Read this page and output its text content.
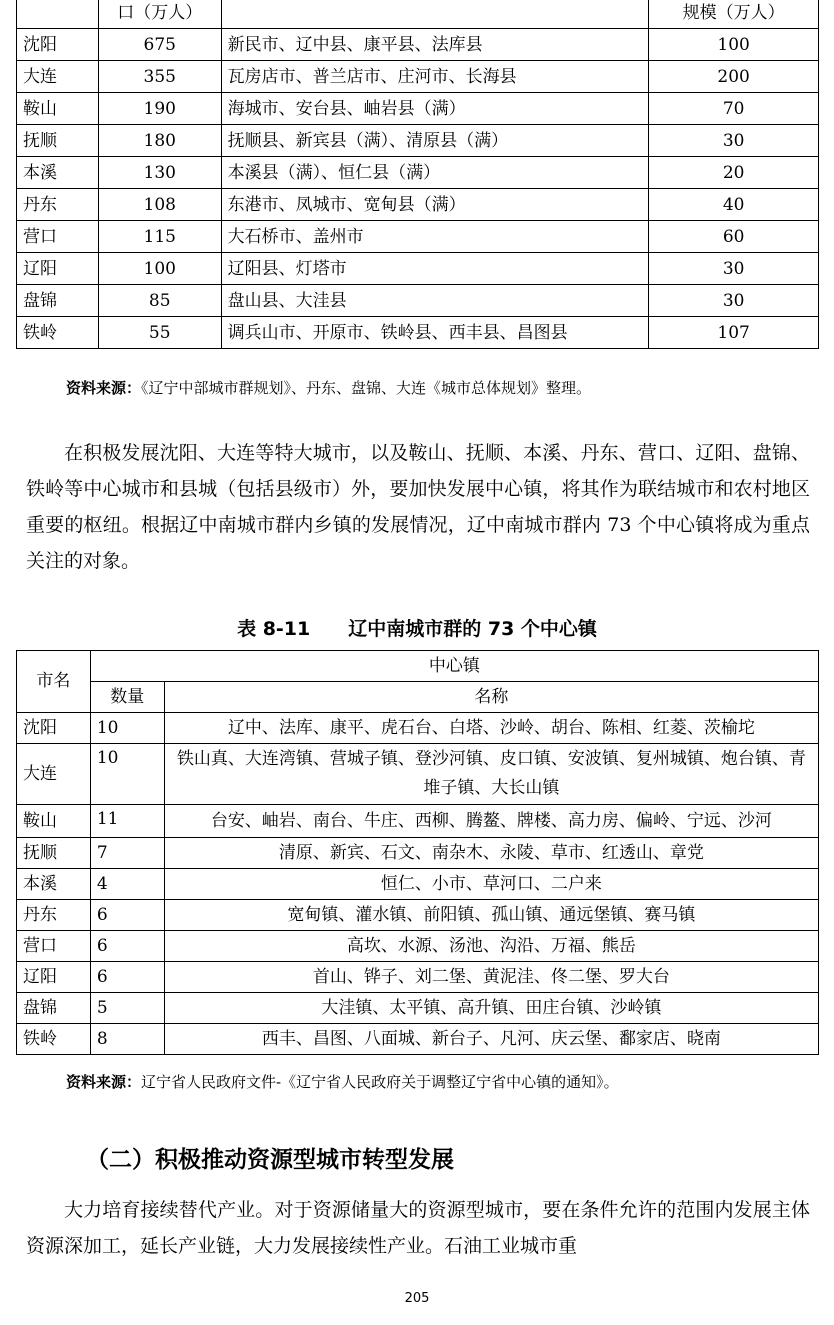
	口（万人）		规模（万人）
沈阳	675	新民市、辽中县、康平县、法库县	100
大连	355	瓦房店市、普兰店市、庄河市、长海县	200
鞍山	190	海城市、安台县、岫岩县（满）	70
抚顺	180	抚顺县、新宾县（满）、清原县（满）	30
本溪	130	本溪县（满）、恒仁县（满）	20
丹东	108	东港市、凤城市、宽甸县（满）	40
营口	115	大石桥市、盖州市	60
辽阳	100	辽阳县、灯塔市	30
盘锦	85	盘山县、大洼县	30
铁岭	55	调兵山市、开原市、铁岭县、西丰县、昌图县	107
资料来源：《辽宁中部城市群规划》、丹东、盘锦、大连《城市总体规划》整理。

在积极发展沈阳、大连等特大城市，以及鞍山、抚顺、本溪、丹东、营口、辽阳、盘锦、铁岭等中心城市和县城（包括县级市）外，要加快发展中心镇，将其作为联结城市和农村地区重要的枢纽。根据辽中南城市群内乡镇的发展情况，辽中南城市群内 73 个中心镇将成为重点关注的对象。

表 8-11　　辽中南城市群的 73 个中心镇
市名	中心镇	
	数量	名称
沈阳	10	辽中、法库、康平、虎石台、白塔、沙岭、胡台、陈相、红菱、茨榆坨
大连	10	铁山真、大连湾镇、营城子镇、登沙河镇、皮口镇、安波镇、复州城镇、炮台镇、青堆子镇、大长山镇
鞍山	11	台安、岫岩、南台、牛庄、西柳、腾鳌、牌楼、高力房、偏岭、宁远、沙河
抚顺	7	清原、新宾、石文、南杂木、永陵、草市、红透山、章党
本溪	4	恒仁、小市、草河口、二户来
丹东	6	宽甸镇、灌水镇、前阳镇、孤山镇、通远堡镇、赛马镇
营口	6	高坎、水源、汤池、沟沿、万福、熊岳
辽阳	6	首山、铧子、刘二堡、黄泥洼、佟二堡、罗大台
盘锦	5	大洼镇、太平镇、高升镇、田庄台镇、沙岭镇
铁岭	8	西丰、昌图、八面城、新台子、凡河、庆云堡、鄱家店、晓南
资料来源：辽宁省人民政府文件-《辽宁省人民政府关于调整辽宁省中心镇的通知》。
（二）积极推动资源型城市转型发展

大力培育接续替代产业。对于资源储量大的资源型城市，要在条件允许的范围内发展主体资源深加工，延长产业链，大力发展接续性产业。石油工业城市重

205
